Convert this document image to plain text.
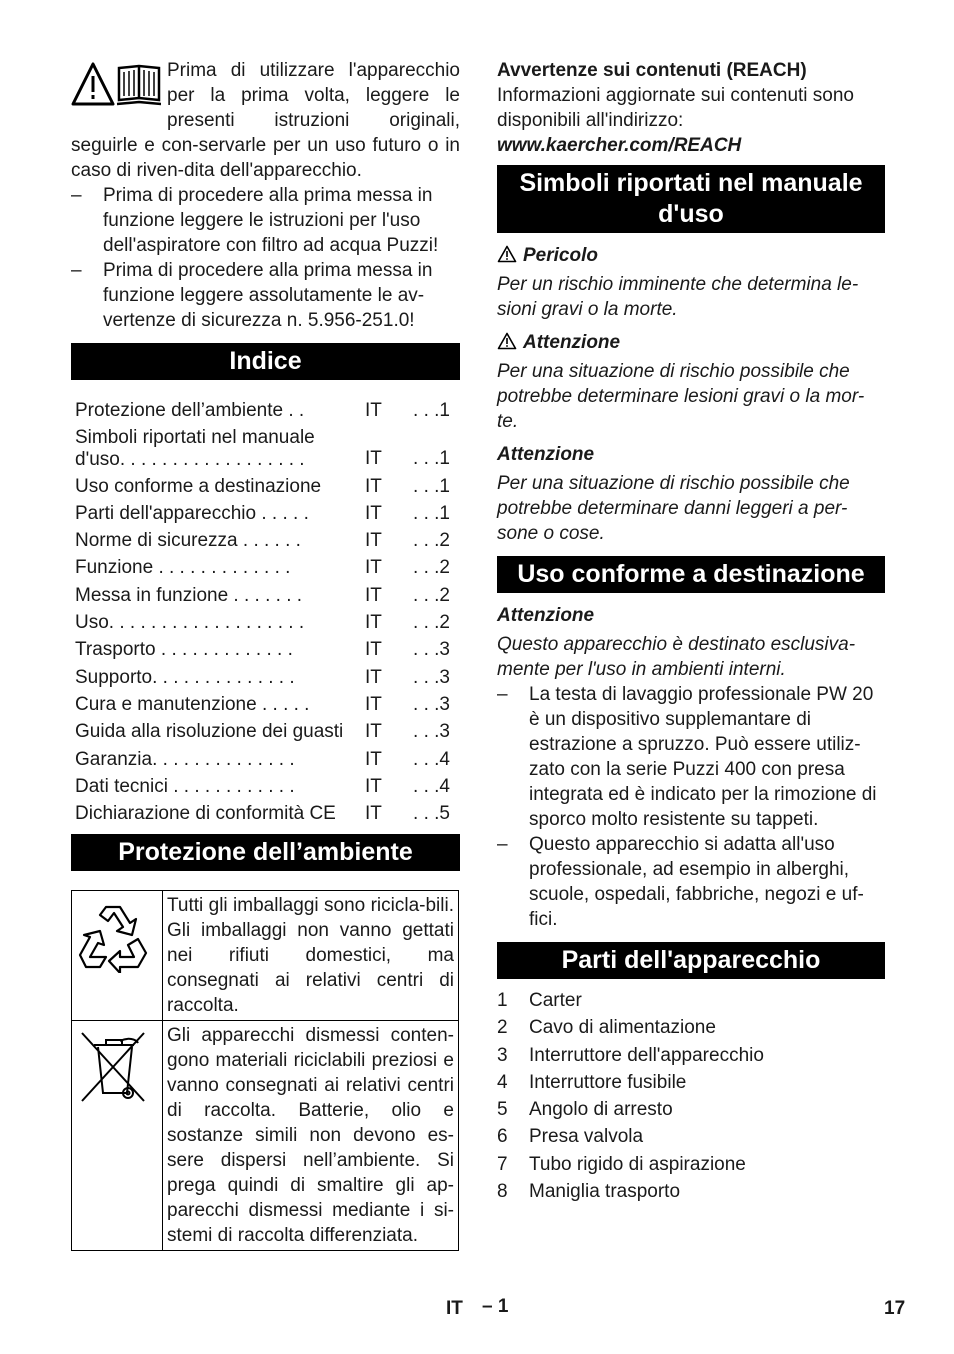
Prima di utilizzare l'apparecchio per la prima volta, leggere le presenti istruzioni originali, seguirle e con-servarle per un uso futuro o in caso di riven-dita dell'apparecchio.
– Prima di procedere alla prima messa in funzione leggere le istruzioni per l'uso dell'aspiratore con filtro ad acqua Puzzi!
– Prima di procedere alla prima messa in funzione leggere assolutamente le av-vertenze di sicurezza n. 5.956-251.0!
Indice
Protezione dell’ambiente . .	IT	. . .1
Simboli riportati nel manuale d'uso. . . . . . . . . . . . . . . . . .	IT	. . .1
Uso conforme a destinazione	IT	. . .1
Parti dell'apparecchio . . . . .	IT	. . .1
Norme di sicurezza . . . . . .	IT	. . .2
Funzione . . . . . . . . . . . . .	IT	. . .2
Messa in funzione . . . . . . .	IT	. . .2
Uso. . . . . . . . . . . . . . . . . . .	IT	. . .2
Trasporto . . . . . . . . . . . . .	IT	. . .3
Supporto. . . . . . . . . . . . . .	IT	. . .3
Cura e manutenzione . . . . .	IT	. . .3
Guida alla risoluzione dei guasti	IT	. . .3
Garanzia. . . . . . . . . . . . . .	IT	. . .4
Dati tecnici . . . . . . . . . . . .	IT	. . .4
Dichiarazione di conformità CE	IT	. . .5
Protezione dell’ambiente
	Tutti gli imballaggi sono ricicla-bili. Gli imballaggi non vanno gettati nei rifiuti domestici, ma consegnati ai relativi centri di raccolta.
	Gli apparecchi dismessi conten-gono materiali riciclabili preziosi e vanno consegnati ai relativi centri di raccolta. Batterie, olio e sostanze simili non devono es-sere dispersi nell’ambiente. Si prega quindi di smaltire gli ap-parecchi dismessi mediante i si-stemi di raccolta differenziata.

Avvertenze sui contenuti (REACH)

Informazioni aggiornate sui contenuti sono disponibili all'indirizzo:

www.kaercher.com/REACH

Simboli riportati nel manuale d'uso

Pericolo

Per un rischio imminente che determina le-sioni gravi o la morte.

Attenzione

Per una situazione di rischio possibile che potrebbe determinare lesioni gravi o la mor-te.

Attenzione

Per una situazione di rischio possibile che potrebbe determinare danni leggeri a per-sone o cose.

Uso conforme a destinazione

Attenzione

Questo apparecchio è destinato esclusiva-mente per l'uso in ambienti interni.

– La testa di lavaggio professionale PW 20 è un dispositivo supplemantare di estrazione a spruzzo. Può essere utiliz-zato con la serie Puzzi 400 con presa integrata ed è indicato per la rimozione di sporco molto resistente su tappeti.
– Questo apparecchio si adatta all'uso professionale, ad esempio in alberghi, scuole, ospedali, fabbriche, negozi e uf-fici.
Parti dell'apparecchio
1	Carter
2	Cavo di alimentazione
3	Interruttore dell'apparecchio
4	Interruttore fusibile
5	Angolo di arresto
6	Presa valvola
7	Tubo rigido di aspirazione
8	Maniglia trasporto
IT – 1	17
